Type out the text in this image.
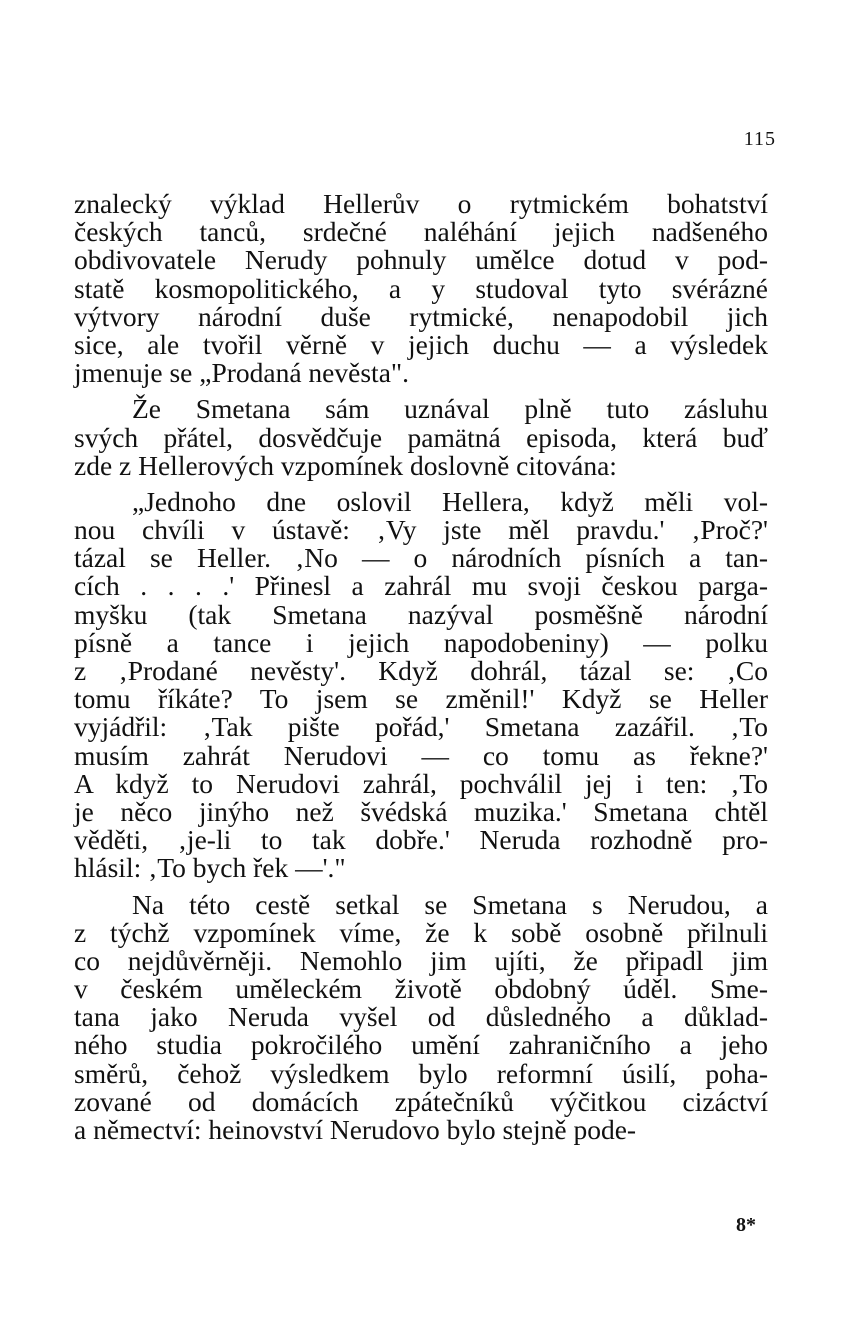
115
znalecký výklad Hellerův o rytmickém bohatství
českých tanců, srdečné naléhání jejich nadšeného
obdivovatele Nerudy pohnuly umělce dotud v pod-
statě kosmopolitického, a y studoval tyto svérázné
výtvory národní duše rytmické, nenapodobil jich
sice, ale tvořil věrně v jejich duchu — a výsledek
jmenuje se „Prodaná nevěsta".
Že Smetana sám uznával plně tuto zásluhu
svých přátel, dosvědčuje pamätná episoda, která buď
zde z Hellerových vzpomínek doslovně citována:
„Jednoho dne oslovil Hellera, když měli vol-
nou chvíli v ústavě: ‚Vy jste měl pravdu.' ‚Proč?'
tázal se Heller. ‚No — o národních písních a tan-
cích . . . .' Přinesl a zahrál mu svoji českou parga-
myšku (tak Smetana nazýval posměšně národní
písně a tance i jejich napodobeniny) — polku
z ‚Prodané nevěsty'. Když dohrál, tázal se: ‚Co
tomu říkáte? To jsem se změnil!' Když se Heller
vyjádřil: ‚Tak pište pořád,' Smetana zazářil. ‚To
musím zahrát Nerudovi — co tomu as řekne?'
A když to Nerudovi zahrál, pochválil jej i ten: ‚To
je něco jinýho než švédská muzika.' Smetana chtěl
věděti, ‚je-li to tak dobře.' Neruda rozhodně pro-
hlásil: ‚To bych řek —'."
Na této cestě setkal se Smetana s Nerudou, a
z týchž vzpomínek víme, že k sobě osobně přilnuli
co nejdůvěrněji. Nemohlo jim ujíti, že připadl jim
v českém uměleckém životě obdobný úděl. Sme-
tana jako Neruda vyšel od důsledného a důklad-
ného studia pokročilého umění zahraničního a jeho
směrů, čehož výsledkem bylo reformní úsilí, poha-
zované od domácích zpátečníků výčitkou cizáctví
a němectví: heinovství Nerudovo bylo stejně pode-
8*
